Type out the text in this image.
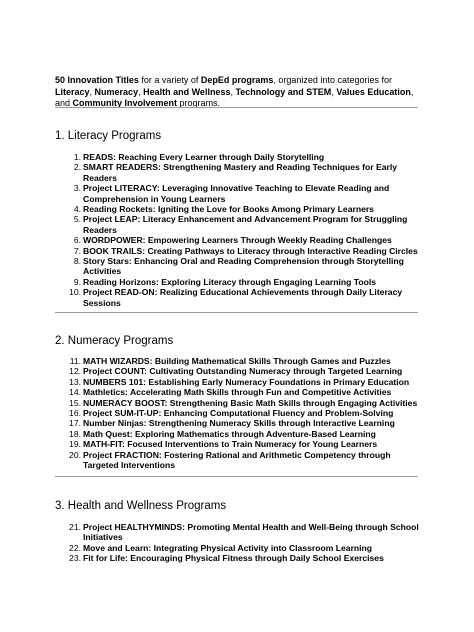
50 Innovation Titles for a variety of DepEd programs, organized into categories for Literacy, Numeracy, Health and Wellness, Technology and STEM, Values Education, and Community Involvement programs.

1. Literacy Programs
1. READS: Reaching Every Learner through Daily Storytelling
2. SMART READERS: Strengthening Mastery and Reading Techniques for Early Readers
3. Project LITERACY: Leveraging Innovative Teaching to Elevate Reading and Comprehension in Young Learners
4. Reading Rockets: Igniting the Love for Books Among Primary Learners
5. Project LEAP: Literacy Enhancement and Advancement Program for Struggling Readers
6. WORDPOWER: Empowering Learners Through Weekly Reading Challenges
7. BOOK TRAILS: Creating Pathways to Literacy through Interactive Reading Circles
8. Story Stars: Enhancing Oral and Reading Comprehension through Storytelling Activities
9. Reading Horizons: Exploring Literacy through Engaging Learning Tools
10. Project READ-ON: Realizing Educational Achievements through Daily Literacy Sessions
2. Numeracy Programs
11. MATH WIZARDS: Building Mathematical Skills Through Games and Puzzles
12. Project COUNT: Cultivating Outstanding Numeracy through Targeted Learning
13. NUMBERS 101: Establishing Early Numeracy Foundations in Primary Education
14. Mathletics: Accelerating Math Skills through Fun and Competitive Activities
15. NUMERACY BOOST: Strengthening Basic Math Skills through Engaging Activities
16. Project SUM-IT-UP: Enhancing Computational Fluency and Problem-Solving
17. Number Ninjas: Strengthening Numeracy Skills through Interactive Learning
18. Math Quest: Exploring Mathematics through Adventure-Based Learning
19. MATH-FIT: Focused Interventions to Train Numeracy for Young Learners
20. Project FRACTION: Fostering Rational and Arithmetic Competency through Targeted Interventions
3. Health and Wellness Programs
21. Project HEALTHYMINDS: Promoting Mental Health and Well-Being through School Initiatives
22. Move and Learn: Integrating Physical Activity into Classroom Learning
23. Fit for Life: Encouraging Physical Fitness through Daily School Exercises
